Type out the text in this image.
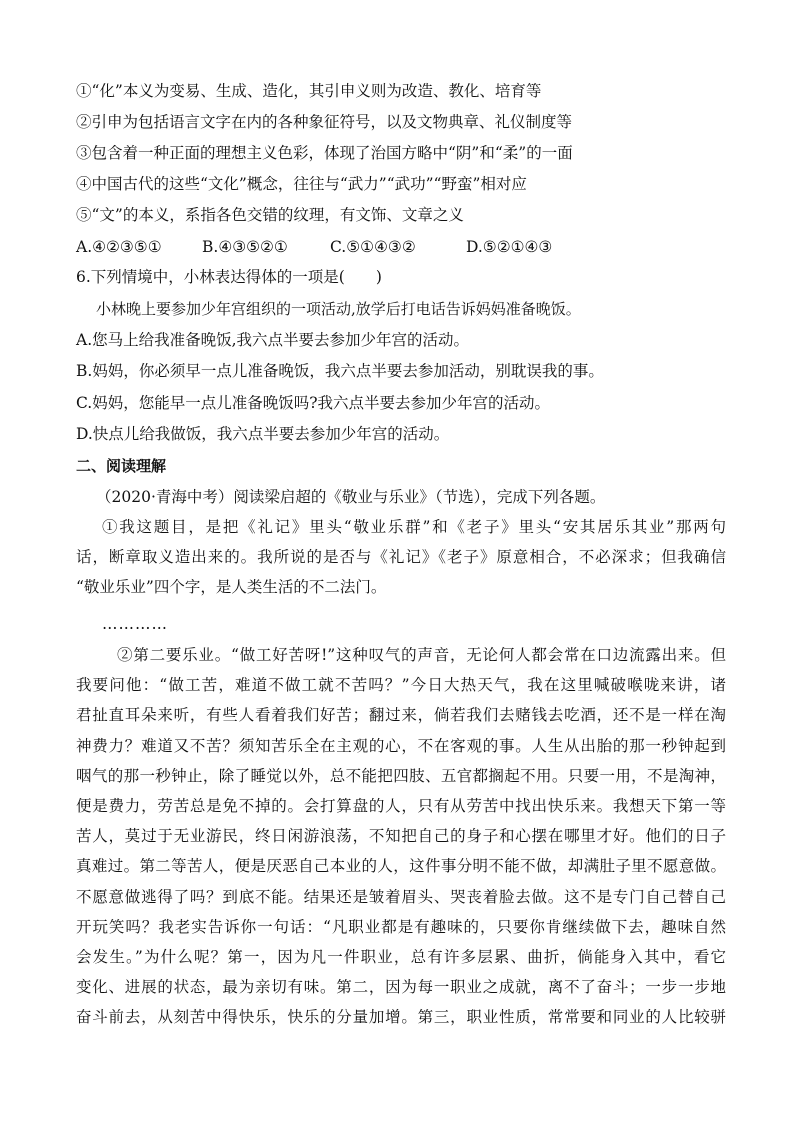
①“化”本义为变易、生成、造化，其引申义则为改造、教化、培育等
②引申为包括语言文字在内的各种象征符号，以及文物典章、礼仪制度等
③包含着一种正面的理想主义色彩，体现了治国方略中“阴”和“柔”的一面
④中国古代的这些“文化”概念，往往与“武力”“武功”“野蛮”相对应
⑤“文”的本义，系指各色交错的纹理，有文饰、文章之义
A.④②③⑤①	B.④③⑤②①	C.⑤①④③②	D.⑤②①④③
6.下列情境中，小林表达得体的一项是(　　)
小林晚上要参加少年宫组织的一项活动,放学后打电话告诉妈妈准备晚饭。
A.您马上给我准备晚饭,我六点半要去参加少年宫的活动。
B.妈妈，你必须早一点儿准备晚饭，我六点半要去参加活动，别耽误我的事。
C.妈妈，您能早一点儿准备晚饭吗?我六点半要去参加少年宫的活动。
D.快点儿给我做饭，我六点半要去参加少年宫的活动。
二、阅读理解
（2020·青海中考）阅读梁启超的《敬业与乐业》（节选），完成下列各题。
①我这题目，是把《礼记》里头“敬业乐群”和《老子》里头“安其居乐其业”那两句
话，断章取义造出来的。我所说的是否与《礼记》《老子》原意相合，不必深求；但我确信
“敬业乐业”四个字，是人类生活的不二法门。
…………
②第二要乐业。“做工好苦呀!”这种叹气的声音，无论何人都会常在口边流露出来。但
我要问他：“做工苦，难道不做工就不苦吗？”今日大热天气，我在这里喊破喉咙来讲，诸
君扯直耳朵来听，有些人看着我们好苦；翻过来，倘若我们去赌钱去吃酒，还不是一样在淘
神费力？难道又不苦？须知苦乐全在主观的心，不在客观的事。人生从出胎的那一秒钟起到
咽气的那一秒钟止，除了睡觉以外，总不能把四肢、五官都搁起不用。只要一用，不是淘神，
便是费力，劳苦总是免不掉的。会打算盘的人，只有从劳苦中找出快乐来。我想天下第一等
苦人，莫过于无业游民，终日闲游浪荡，不知把自己的身子和心摆在哪里才好。他们的日子
真难过。第二等苦人，便是厌恶自己本业的人，这件事分明不能不做，却满肚子里不愿意做。
不愿意做逃得了吗？到底不能。结果还是皱着眉头、哭丧着脸去做。这不是专门自己替自己
开玩笑吗？我老实告诉你一句话：“凡职业都是有趣味的，只要你肯继续做下去，趣味自然
会发生。”为什么呢？第一，因为凡一件职业，总有许多层累、曲折，倘能身入其中，看它
变化、进展的状态，最为亲切有味。第二，因为每一职业之成就，离不了奋斗；一步一步地
奋斗前去，从刻苦中得快乐，快乐的分量加增。第三，职业性质，常常要和同业的人比较骈
